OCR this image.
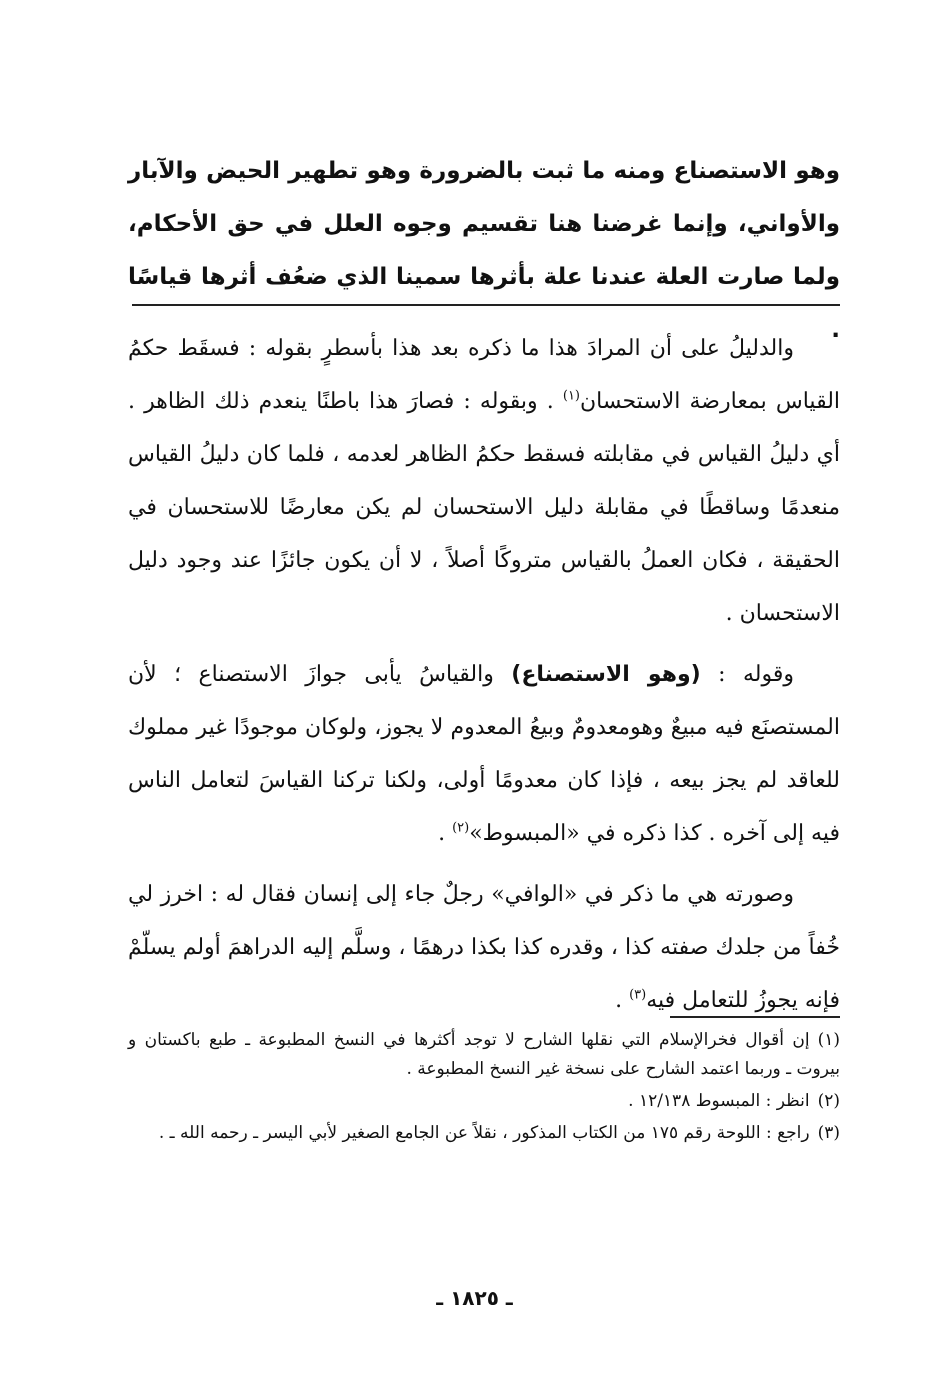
وهو الاستصناع ومنه ما ثبت بالضرورة وهو تطهير الحيض والآبار والأواني، وإنما غرضنا هنا تقسيم وجوه العلل في حق الأحكام، ولما صارت العلة عندنا علة بأثرها سمينا الذي ضعُف أثرها قياسًا .

والدليلُ على أن المرادَ هذا ما ذكره بعد هذا بأسطرٍ بقوله : فسقَط حكمُ القياس بمعارضة الاستحسان$^{(١)}$ . وبقوله : فصارَ هذا باطنًا ينعدم ذلك الظاهر . أي دليلُ القياس في مقابلته فسقط حكمُ الظاهر لعدمه ، فلما كان دليلُ القياس منعدمًا وساقطًا في مقابلة دليل الاستحسان لم يكن معارضًا للاستحسان في الحقيقة ، فكان العملُ بالقياس متروكًا أصلاً ، لا أن يكون جائزًا عند وجود دليل الاستحسان .

وقوله : (وهو الاستصناع) والقياسُ يأبى جوازَ الاستصناع ؛ لأن المستصنَع فيه مبيعٌ وهومعدومٌ وبيعُ المعدوم لا يجوز، ولوكان موجودًا غير مملوك للعاقد لم يجز بيعه ، فإذا كان معدومًا أولى، ولكنا تركنا القياسَ لتعامل الناس فيه إلى آخره . كذا ذكره في «المبسوط»$^{(٢)}$ .

وصورته هي ما ذكر في «الوافي» رجلٌ جاء إلى إنسان فقال له : اخرز لي خُفاً من جلدك صفته كذا ، وقدره كذا بكذا درهمًا ، وسلَّم إليه الدراهمَ أولم يسلّمْ فإنه يجوزُ للتعامل فيه$^{(٣)}$ .

(١)إن أقوال فخرالإسلام التي نقلها الشارح لا توجد أكثرها في النسخ المطبوعة ـ طبع باكستان و بيروت ـ وربما اعتمد الشارح على نسخة غير النسخ المطبوعة .

(٢)انظر : المبسوط ١٢/١٣٨ .

(٣)راجع : اللوحة رقم ١٧٥ من الكتاب المذكور ، نقلاً عن الجامع الصغير لأبي اليسر ـ رحمه الله ـ .

ـ ١٨٢٥ ـ
